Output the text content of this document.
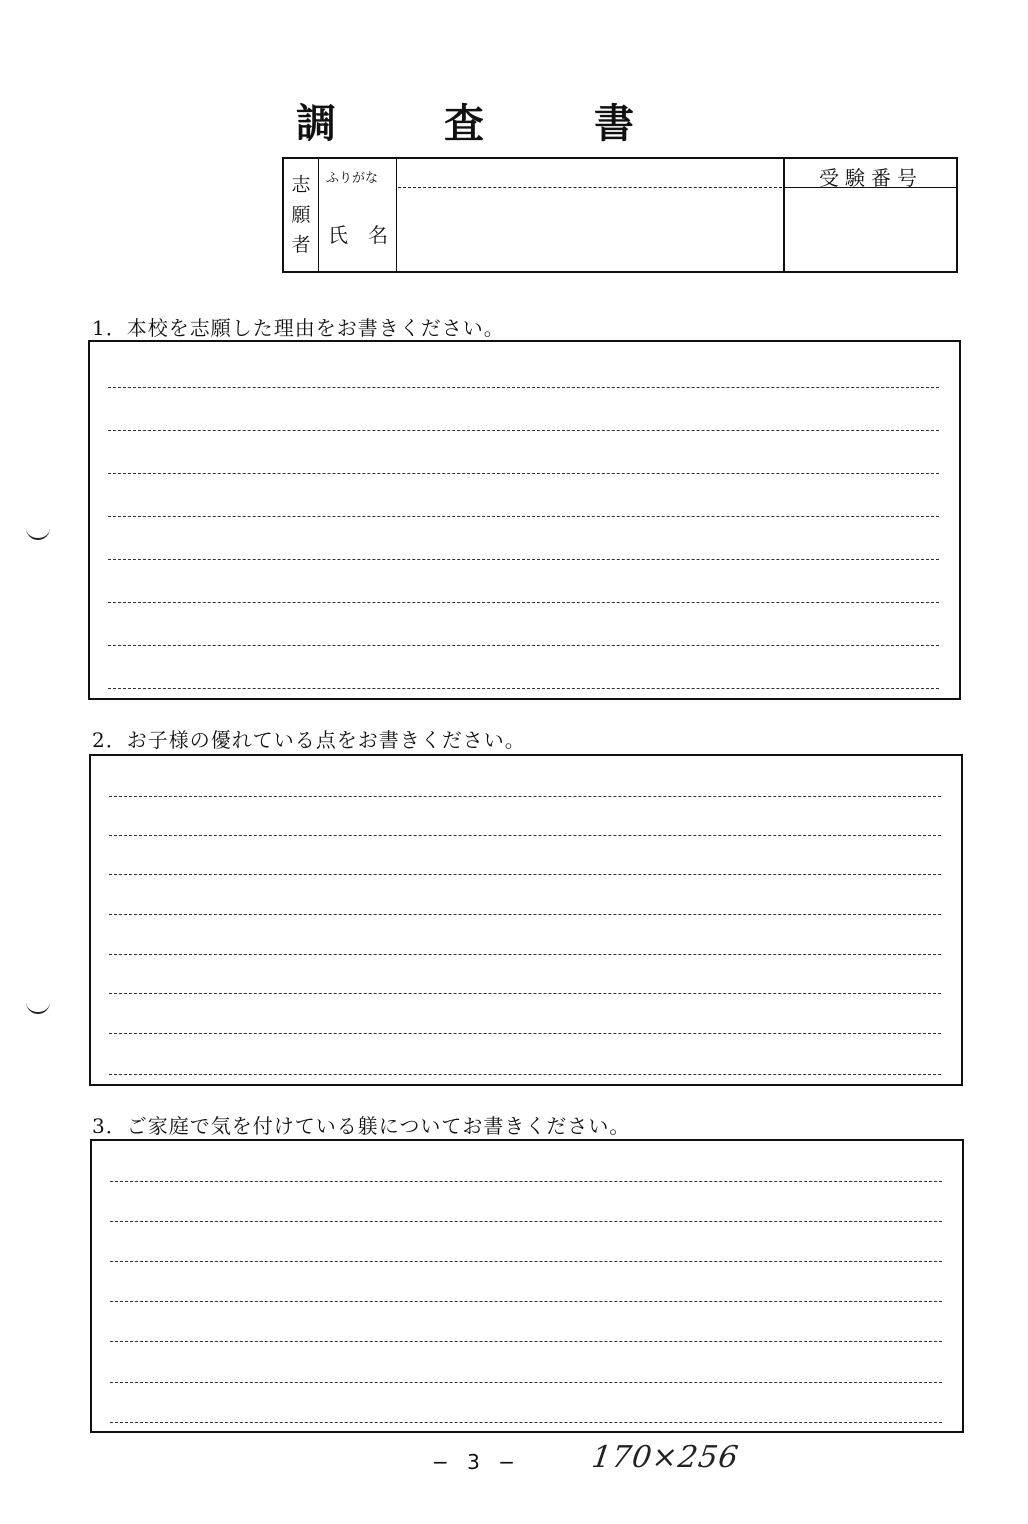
調	査	書
志
願
者
ふりがな
氏　名
受験番号
1．本校を志願した理由をお書きください。
2．お子様の優れている点をお書きください。
3．ご家庭で気を付けている躾についてお書きください。
− 3 − 170×256
